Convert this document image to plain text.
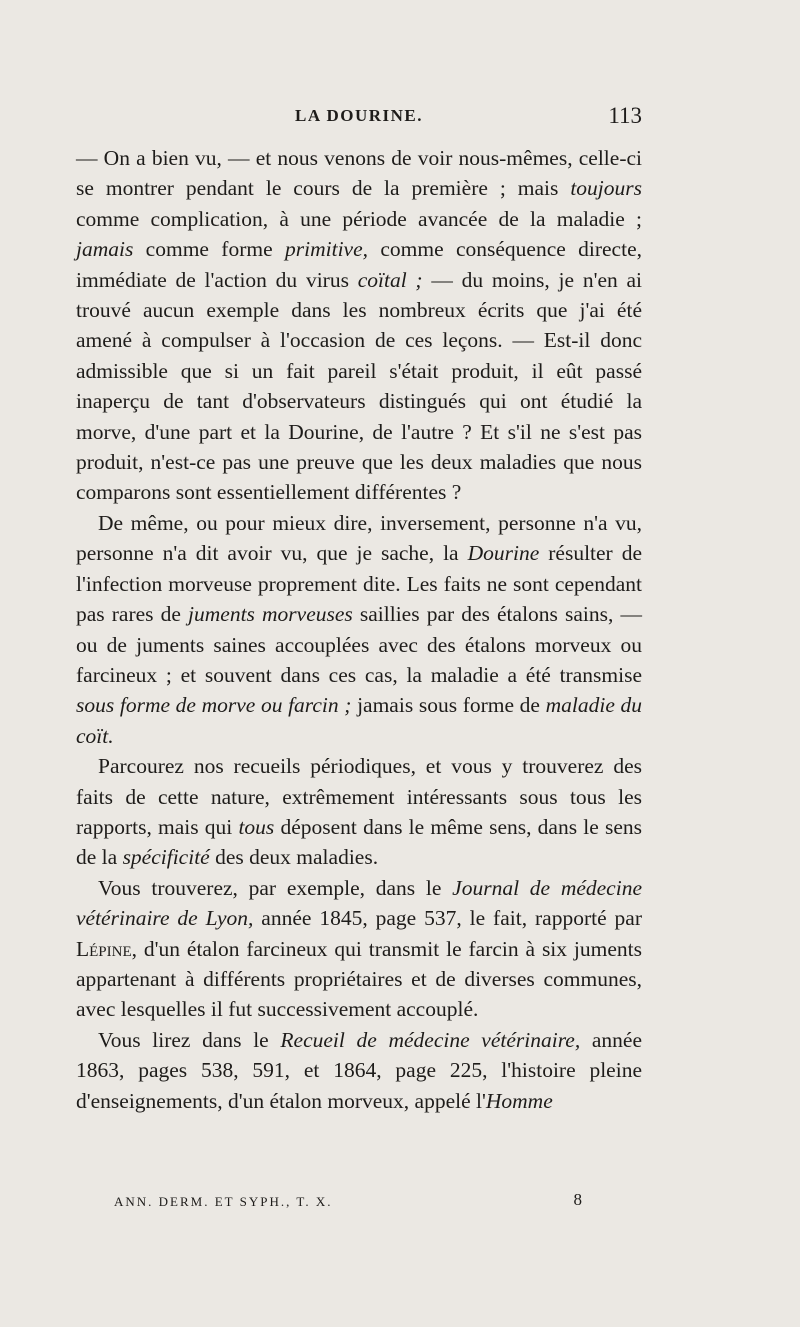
LA DOURINE.	113

— On a bien vu, — et nous venons de voir nous-mêmes, celle-ci se montrer pendant le cours de la première ; mais toujours comme complication, à une période avancée de la maladie ; jamais comme forme primitive, comme conséquence directe, immédiate de l'action du virus coïtal ; — du moins, je n'en ai trouvé aucun exemple dans les nombreux écrits que j'ai été amené à compulser à l'occasion de ces leçons. — Est-il donc admissible que si un fait pareil s'était produit, il eût passé inaperçu de tant d'observateurs distingués qui ont étudié la morve, d'une part et la Dourine, de l'autre ? Et s'il ne s'est pas produit, n'est-ce pas une preuve que les deux maladies que nous comparons sont essentiellement différentes ?

De même, ou pour mieux dire, inversement, personne n'a vu, personne n'a dit avoir vu, que je sache, la Dourine résulter de l'infection morveuse proprement dite. Les faits ne sont cependant pas rares de juments morveuses saillies par des étalons sains, — ou de juments saines accouplées avec des étalons morveux ou farcineux ; et souvent dans ces cas, la maladie a été transmise sous forme de morve ou farcin ; jamais sous forme de maladie du coït.

Parcourez nos recueils périodiques, et vous y trouverez des faits de cette nature, extrêmement intéressants sous tous les rapports, mais qui tous déposent dans le même sens, dans le sens de la spécificité des deux maladies.

Vous trouverez, par exemple, dans le Journal de médecine vétérinaire de Lyon, année 1845, page 537, le fait, rapporté par Lépine, d'un étalon farcineux qui transmit le farcin à six juments appartenant à différents propriétaires et de diverses communes, avec lesquelles il fut successivement accouplé.

Vous lirez dans le Recueil de médecine vétérinaire, année 1863, pages 538, 591, et 1864, page 225, l'histoire pleine d'enseignements, d'un étalon morveux, appelé l'Homme

ANN. DERM. ET SYPH., T. X.	8
